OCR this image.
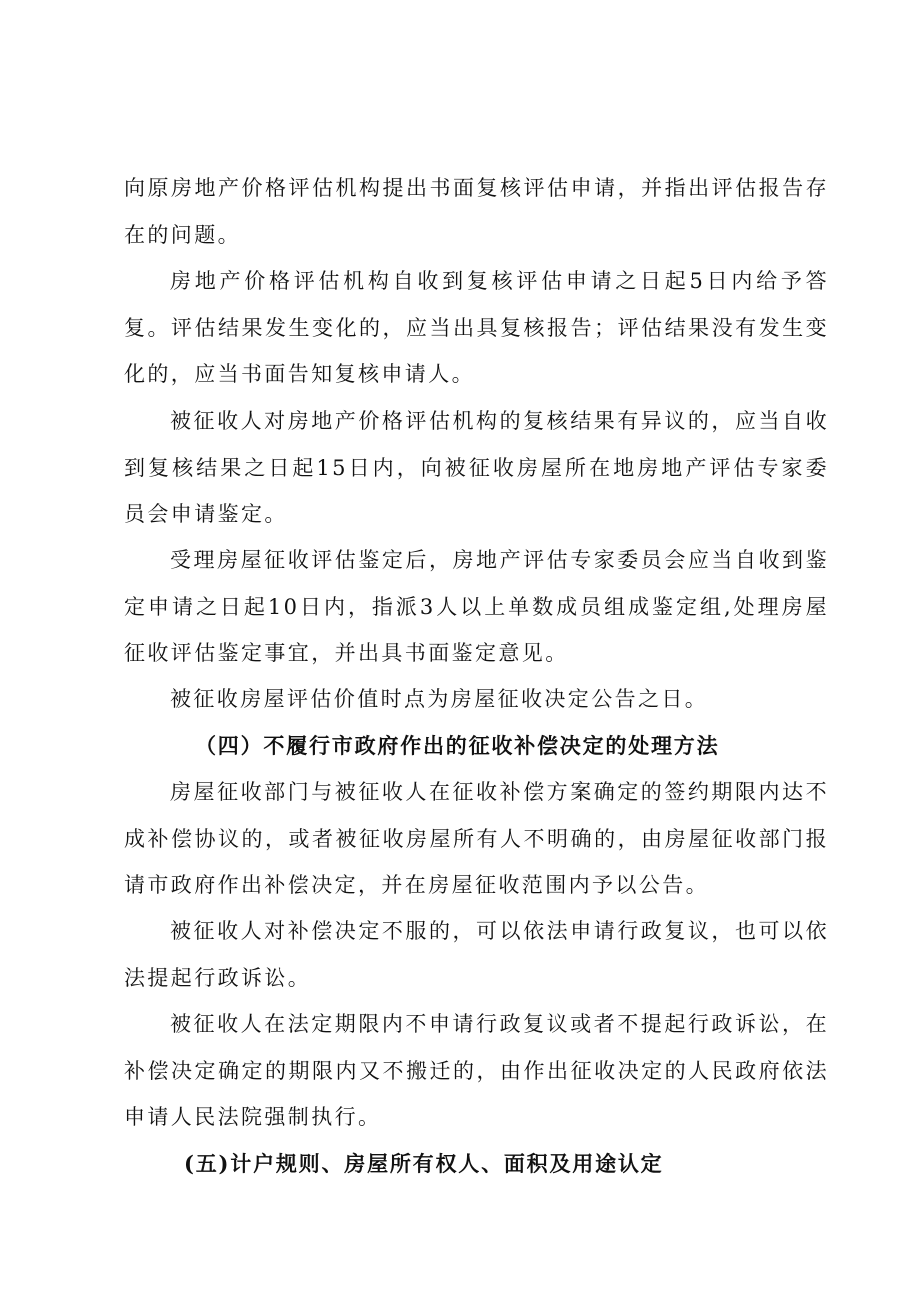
向原房地产价格评估机构提出书面复核评估申请，并指出评估报告存在的问题。

房地产价格评估机构自收到复核评估申请之日起5日内给予答复。评估结果发生变化的，应当出具复核报告；评估结果没有发生变化的，应当书面告知复核申请人。

被征收人对房地产价格评估机构的复核结果有异议的，应当自收到复核结果之日起15日内，向被征收房屋所在地房地产评估专家委员会申请鉴定。

受理房屋征收评估鉴定后，房地产评估专家委员会应当自收到鉴定申请之日起10日内，指派3人以上单数成员组成鉴定组,处理房屋征收评估鉴定事宜，并出具书面鉴定意见。

被征收房屋评估价值时点为房屋征收决定公告之日。

（四）不履行市政府作出的征收补偿决定的处理方法

房屋征收部门与被征收人在征收补偿方案确定的签约期限内达不成补偿协议的，或者被征收房屋所有人不明确的，由房屋征收部门报请市政府作出补偿决定，并在房屋征收范围内予以公告。

被征收人对补偿决定不服的，可以依法申请行政复议，也可以依法提起行政诉讼。

被征收人在法定期限内不申请行政复议或者不提起行政诉讼，在补偿决定确定的期限内又不搬迁的，由作出征收决定的人民政府依法申请人民法院强制执行。

(五)计户规则、房屋所有权人、面积及用途认定
